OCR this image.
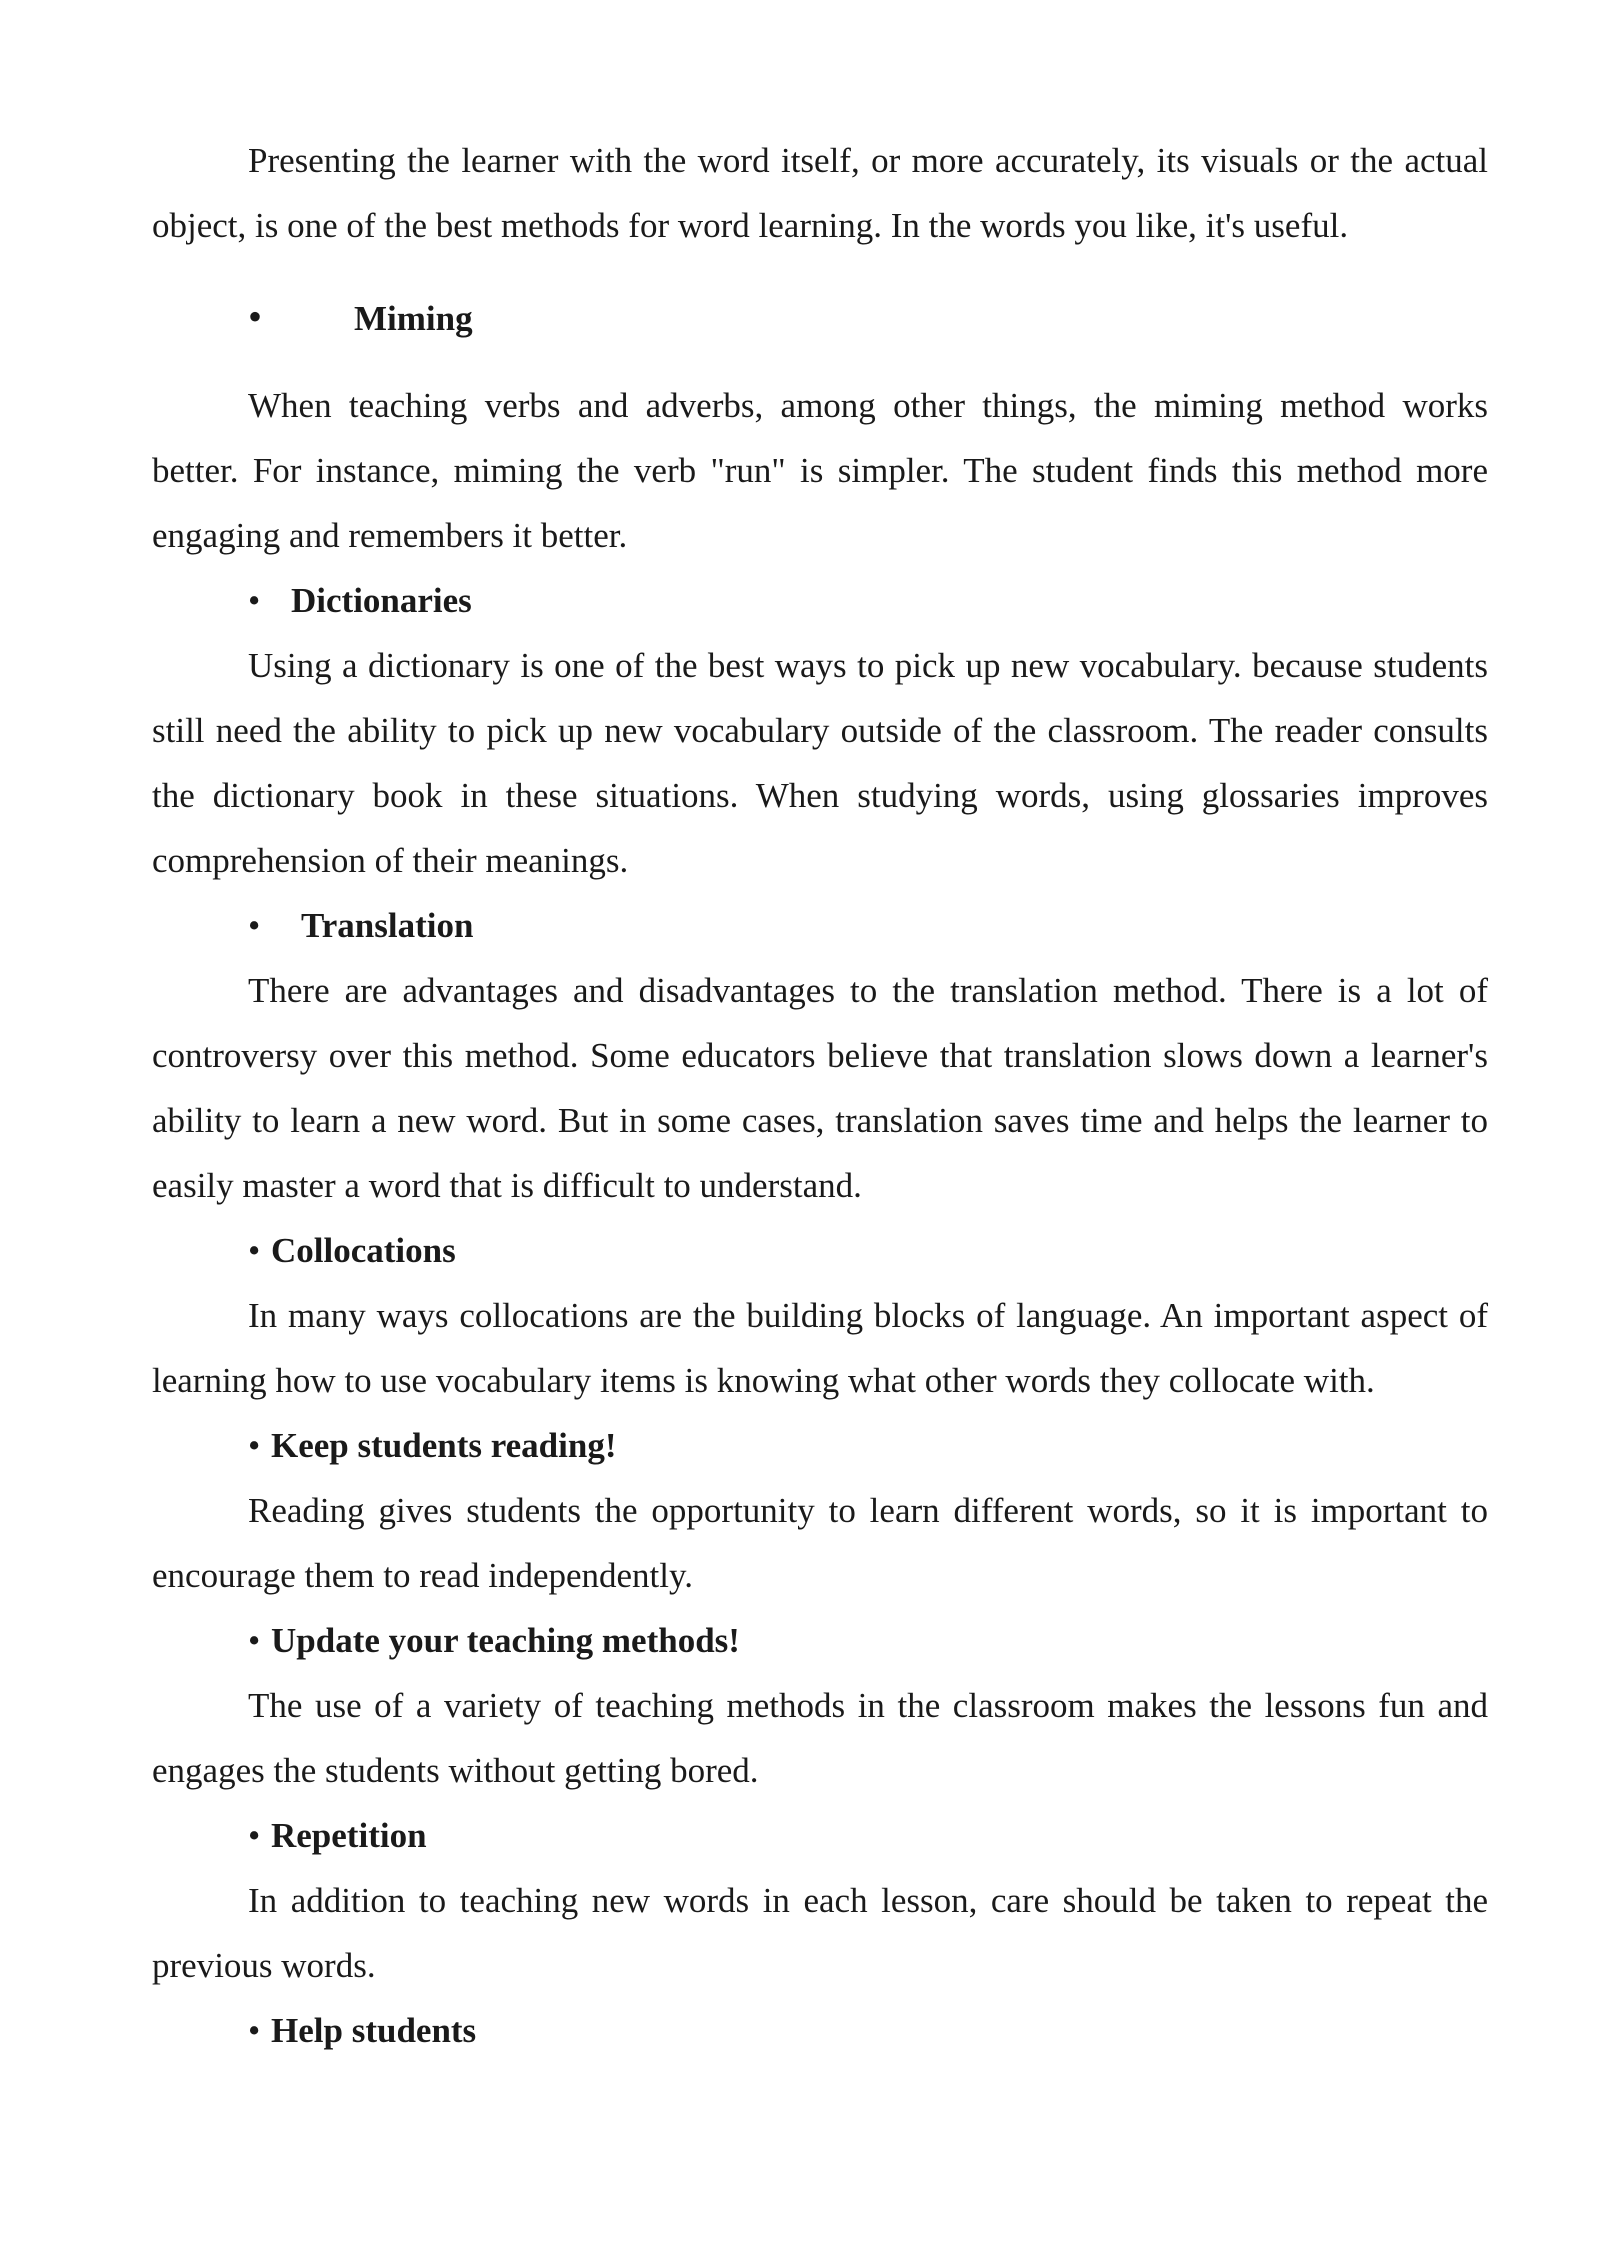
Presenting the learner with the word itself, or more accurately, its visuals or the actual object, is one of the best methods for word learning. In the words you like, it's useful.

•	Miming

When teaching verbs and adverbs, among other things, the miming method works better. For instance, miming the verb "run" is simpler. The student finds this method more engaging and remembers it better.

• Dictionaries

Using a dictionary is one of the best ways to pick up new vocabulary. because students still need the ability to pick up new vocabulary outside of the classroom. The reader consults the dictionary book in these situations. When studying words, using glossaries improves comprehension of their meanings.

• Translation

There are advantages and disadvantages to the translation method. There is a lot of controversy over this method. Some educators believe that translation slows down a learner's ability to learn a new word. But in some cases, translation saves time and helps the learner to easily master a word that is difficult to understand.

• Collocations

In many ways collocations are the building blocks of language. An important aspect of learning how to use vocabulary items is knowing what other words they collocate with.

• Keep students reading!

Reading gives students the opportunity to learn different words, so it is important to encourage them to read independently.

• Update your teaching methods!

The use of a variety of teaching methods in the classroom makes the lessons fun and engages the students without getting bored.

• Repetition

In addition to teaching new words in each lesson, care should be taken to repeat the previous words.

• Help students
